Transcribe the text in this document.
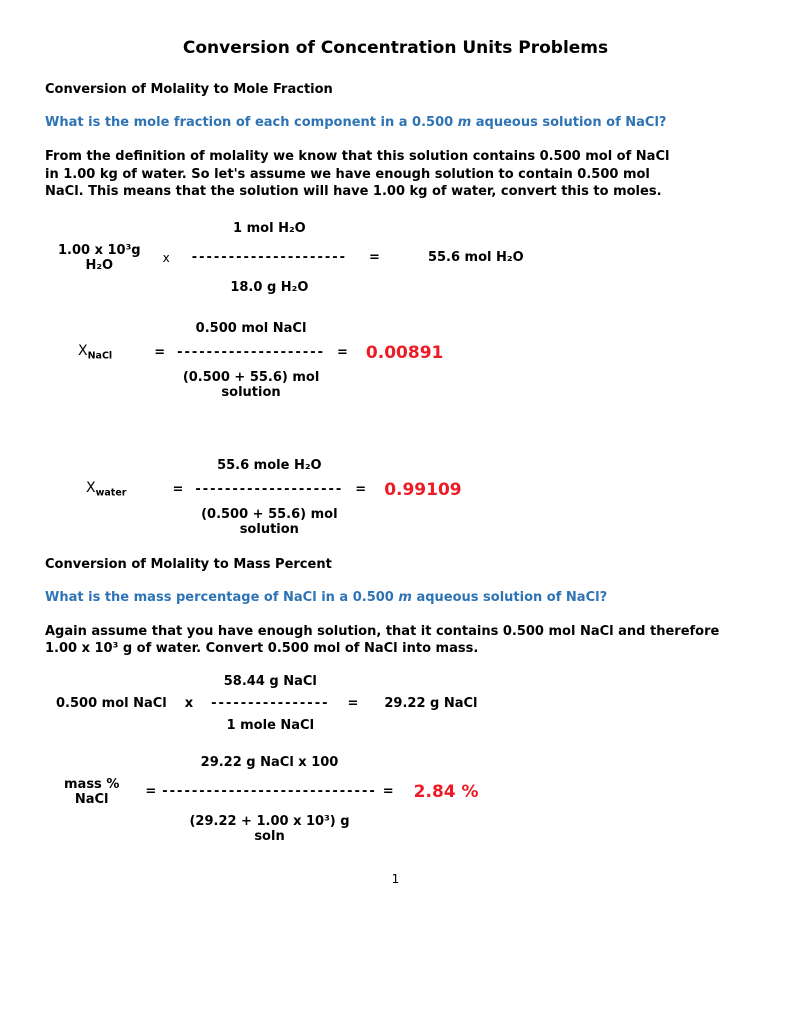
Conversion of Concentration Units Problems
Conversion of Molality to Mole Fraction

What is the mole fraction of each component in a 0.500 m aqueous solution of NaCl?

From the definition of molality we know that this solution contains 0.500 mol of NaCl
in 1.00 kg of water. So let's assume we have enough solution to contain 0.500 mol
NaCl. This means that the solution will have 1.00 kg of water, convert this to moles.

1.00 x 10³g
H₂O	x
1 mol H₂O
---------------------
18.0 g H₂O
=	55.6 mol H₂O
$X_{NaCl}$	=
0.500 mol NaCl
--------------------
(0.500 + 55.6) mol
solution
= 0.00891
$X_{water}$	=
55.6 mole H₂O
--------------------
(0.500 + 55.6) mol
solution
= 0.99109
Conversion of Molality to Mass Percent

What is the mass percentage of NaCl in a 0.500 m aqueous solution of NaCl?

Again assume that you have enough solution, that it contains 0.500 mol NaCl and therefore
1.00 x 10³ g of water. Convert 0.500 mol of NaCl into mass.

0.500 mol NaCl x
58.44 g NaCl
----------------
1 mole NaCl
= 29.22 g NaCl
mass %
NaCl	=
29.22 g NaCl x 100
-----------------------------
(29.22 + 1.00 x 10³) g
soln
= 2.84 %
1
